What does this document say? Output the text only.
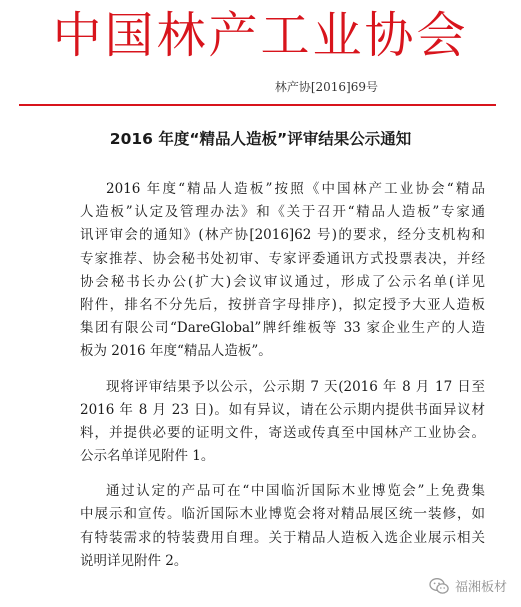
中国林产工业协会
林产协[2016]69号
2016 年度“精品人造板”评审结果公示通知
2016 年度“精品人造板”按照《中国林产工业协会“精品
人造板”认定及管理办法》和《关于召开“精品人造板”专家通
讯评审会的通知》(林产协[2016]62 号)的要求，经分支机构和
专家推荐、协会秘书处初审、专家评委通讯方式投票表决，并经
协会秘书长办公(扩大)会议审议通过，形成了公示名单(详见
附件，排名不分先后，按拼音字母排序)，拟定授予大亚人造板
集团有限公司“DareGlobal”牌纤维板等 33 家企业生产的人造
板为 2016 年度“精品人造板”。
现将评审结果予以公示，公示期 7 天(2016 年 8 月 17 日至
2016 年 8 月 23 日)。如有异议，请在公示期内提供书面异议材
料，并提供必要的证明文件，寄送或传真至中国林产工业协会。
公示名单详见附件 1。
通过认定的产品可在“中国临沂国际木业博览会”上免费集
中展示和宣传。临沂国际木业博览会将对精品展区统一装修，如
有特装需求的特装费用自理。关于精品人造板入选企业展示相关
说明详见附件 2。
福湘板材
